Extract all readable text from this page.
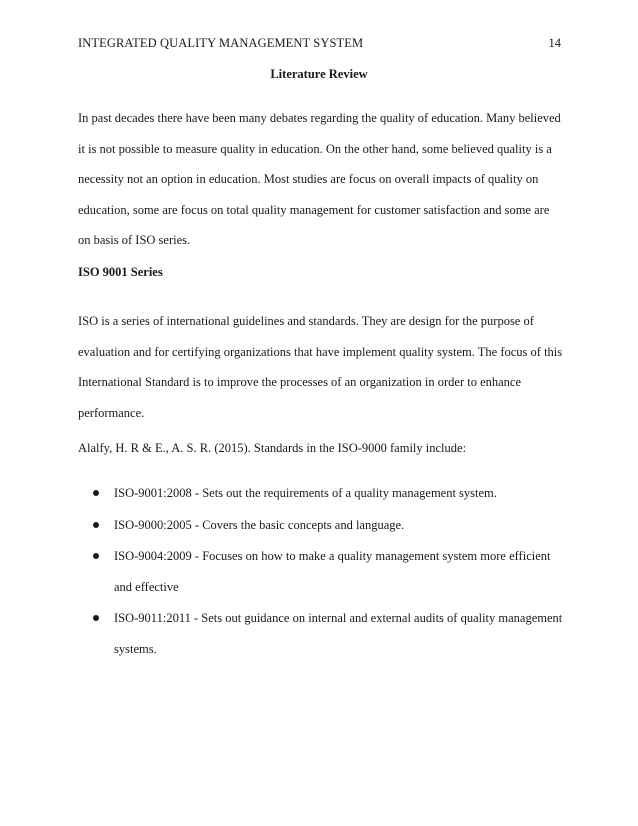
INTEGRATED QUALITY MANAGEMENT SYSTEM	14
Literature Review

In past decades there have been many debates regarding the quality of education. Many believed it is not possible to measure quality in education. On the other hand, some believed quality is a necessity not an option in education. Most studies are focus on overall impacts of quality on education, some are focus on total quality management for customer satisfaction and some are on basis of ISO series.

ISO 9001 Series

ISO is a series of international guidelines and standards. They are design for the purpose of evaluation and for certifying organizations that have implement quality system. The focus of this International Standard is to improve the processes of an organization in order to enhance performance.

Alalfy, H. R & E., A. S. R. (2015). Standards in the ISO-9000 family include:

ISO-9001:2008 - Sets out the requirements of a quality management system.
ISO-9000:2005 - Covers the basic concepts and language.
ISO-9004:2009 - Focuses on how to make a quality management system more efficient and effective
ISO-9011:2011 - Sets out guidance on internal and external audits of quality management systems.
